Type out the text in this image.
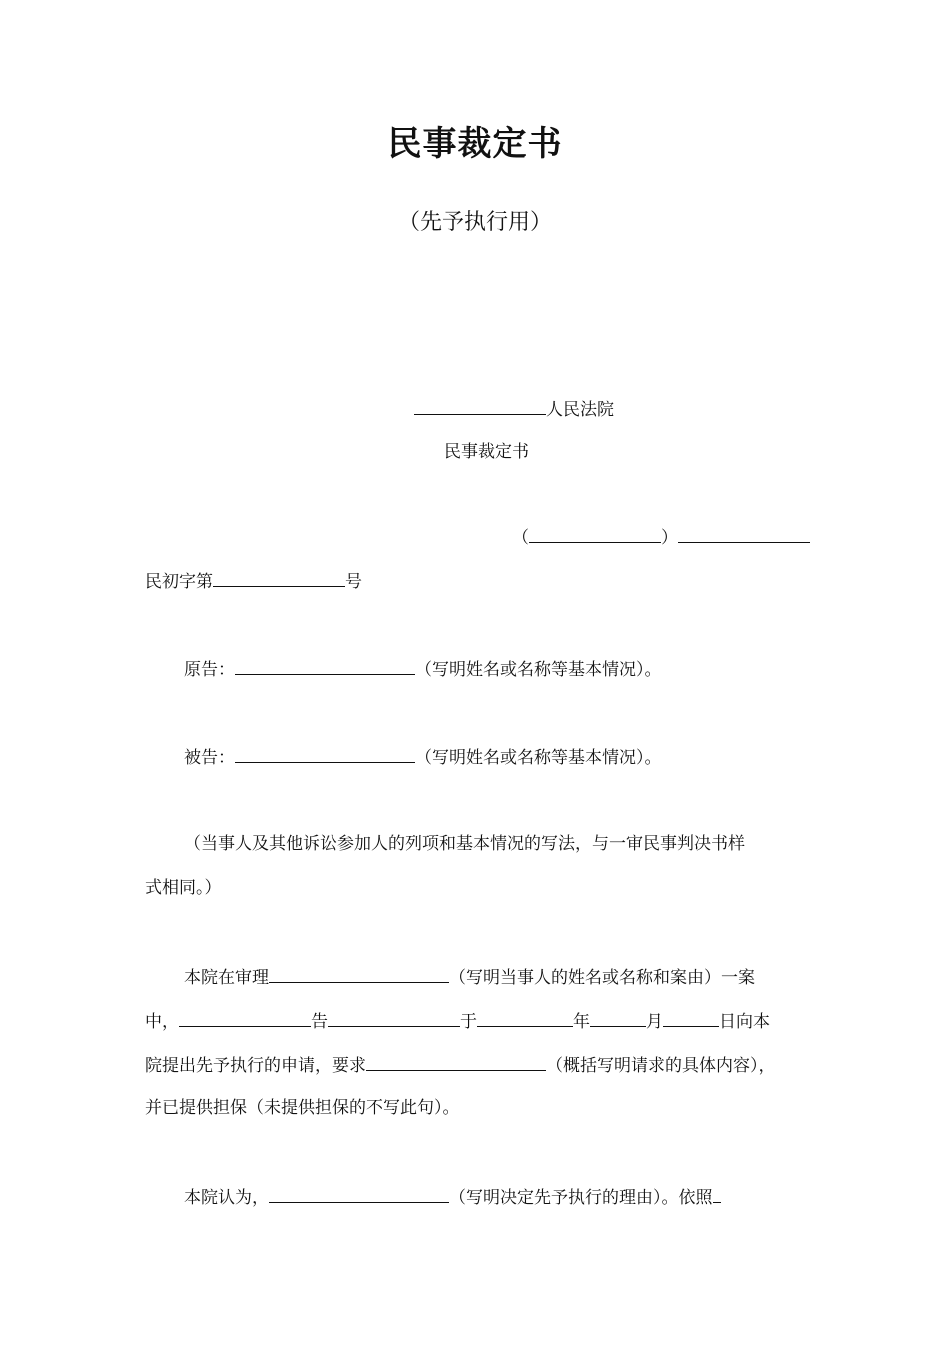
民事裁定书
（先予执行用）
人民法院
民事裁定书
（	）
民初字第	号
原告：	（写明姓名或名称等基本情况）。
被告：	（写明姓名或名称等基本情况）。
（当事人及其他诉讼参加人的列项和基本情况的写法，与一审民事判决书样
式相同。）
本院在审理	（写明当事人的姓名或名称和案由）一案
中，	告	于	年	月	日向本
院提出先予执行的申请，要求	（概括写明请求的具体内容），
并已提供担保（未提供担保的不写此句）。
本院认为，	（写明决定先予执行的理由）。依照
